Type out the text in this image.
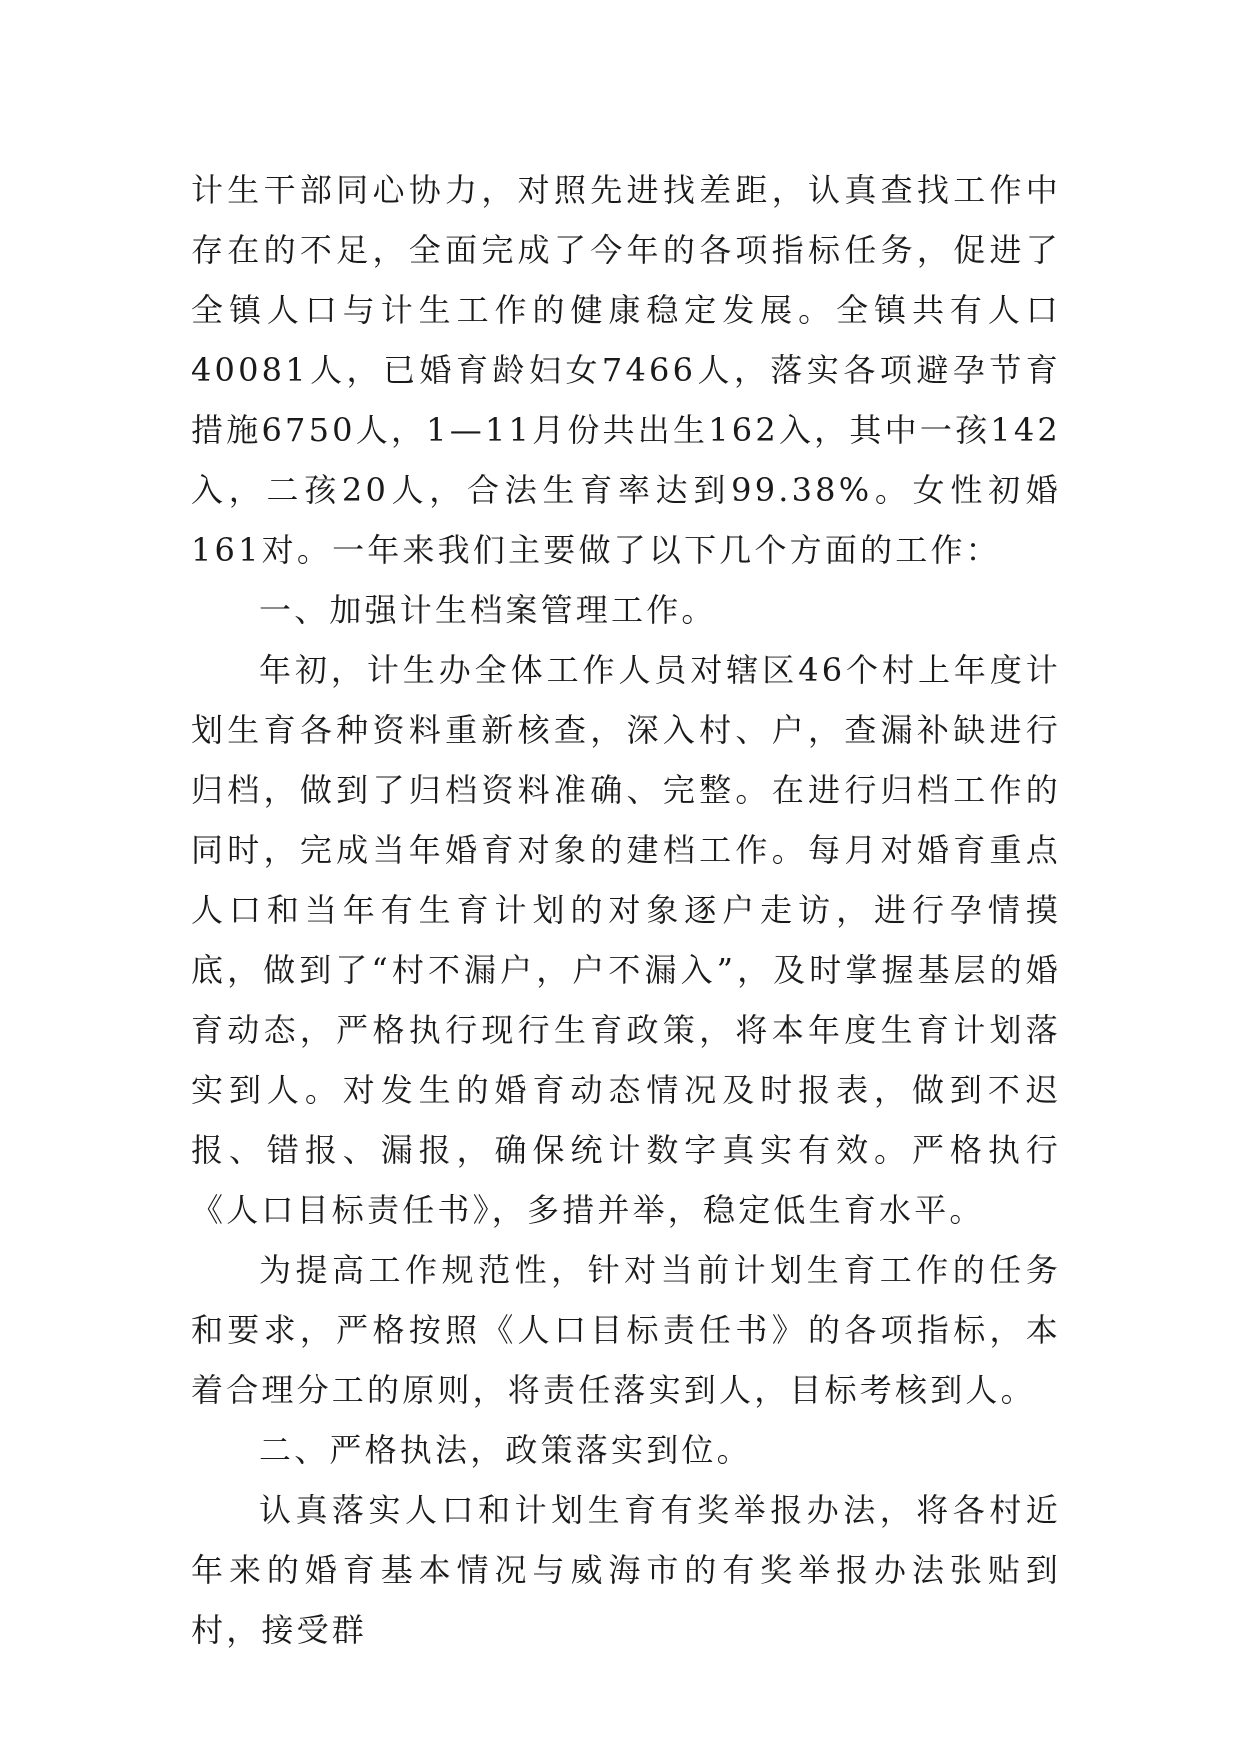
计生干部同心协力，对照先进找差距，认真查找工作中存在的不足，全面完成了今年的各项指标任务，促进了全镇人口与计生工作的健康稳定发展。全镇共有人口40081人，已婚育龄妇女7466人，落实各项避孕节育措施6750人，1—11月份共出生162入，其中一孩142入，二孩20人，合法生育率达到99.38%。女性初婚161对。一年来我们主要做了以下几个方面的工作：

一、加强计生档案管理工作。

年初，计生办全体工作人员对辖区46个村上年度计划生育各种资料重新核查，深入村、户，查漏补缺进行归档，做到了归档资料准确、完整。在进行归档工作的同时，完成当年婚育对象的建档工作。每月对婚育重点人口和当年有生育计划的对象逐户走访，进行孕情摸底，做到了“村不漏户，户不漏入”，及时掌握基层的婚育动态，严格执行现行生育政策，将本年度生育计划落实到人。对发生的婚育动态情况及时报表，做到不迟报、错报、漏报，确保统计数字真实有效。严格执行《人口目标责任书》，多措并举，稳定低生育水平。

为提高工作规范性，针对当前计划生育工作的任务和要求，严格按照《人口目标责任书》的各项指标，本着合理分工的原则，将责任落实到人，目标考核到人。

二、严格执法，政策落实到位。

认真落实人口和计划生育有奖举报办法，将各村近年来的婚育基本情况与威海市的有奖举报办法张贴到村，接受群
